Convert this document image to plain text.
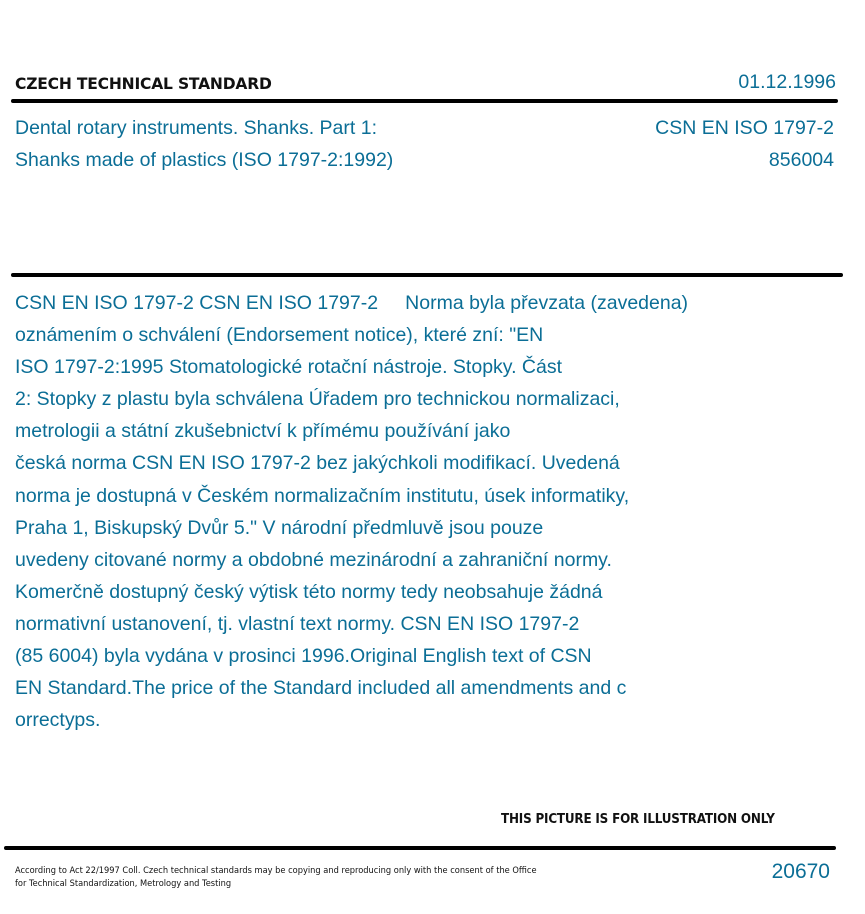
CZECH TECHNICAL STANDARD	01.12.1996
Dental rotary instruments. Shanks. Part 1:
Shanks made of plastics (ISO 1797-2:1992)
CSN EN ISO 1797-2
856004
CSN EN ISO 1797-2 CSN EN ISO 1797-2     Norma byla převzata (zavedena)
oznámením o schválení (Endorsement notice), které zní: "EN
ISO 1797-2:1995 Stomatologické rotační nástroje. Stopky. Část
2: Stopky z plastu byla schválena Úřadem pro technickou normalizaci,
metrologii a státní zkušebnictví k přímému používání jako
česká norma CSN EN ISO 1797-2 bez jakýchkoli modifikací. Uvedená
norma je dostupná v Českém normalizačním institutu, úsek informatiky,
Praha 1, Biskupský Dvůr 5." V národní předmluvě jsou pouze
uvedeny citované normy a obdobné mezinárodní a zahraniční normy.
Komerčně dostupný český výtisk této normy tedy neobsahuje žádná
normativní ustanovení, tj. vlastní text normy. CSN EN ISO 1797-2
(85 6004) byla vydána v prosinci 1996.Original English text of CSN
EN Standard.The price of the Standard included all amendments and c
orrectурs.
THIS PICTURE IS FOR ILLUSTRATION ONLY
According to Act 22/1997 Coll. Czech technical standards may be copying and reproducing only with the consent of the Office
for Technical Standardization, Metrology and Testing
20670
